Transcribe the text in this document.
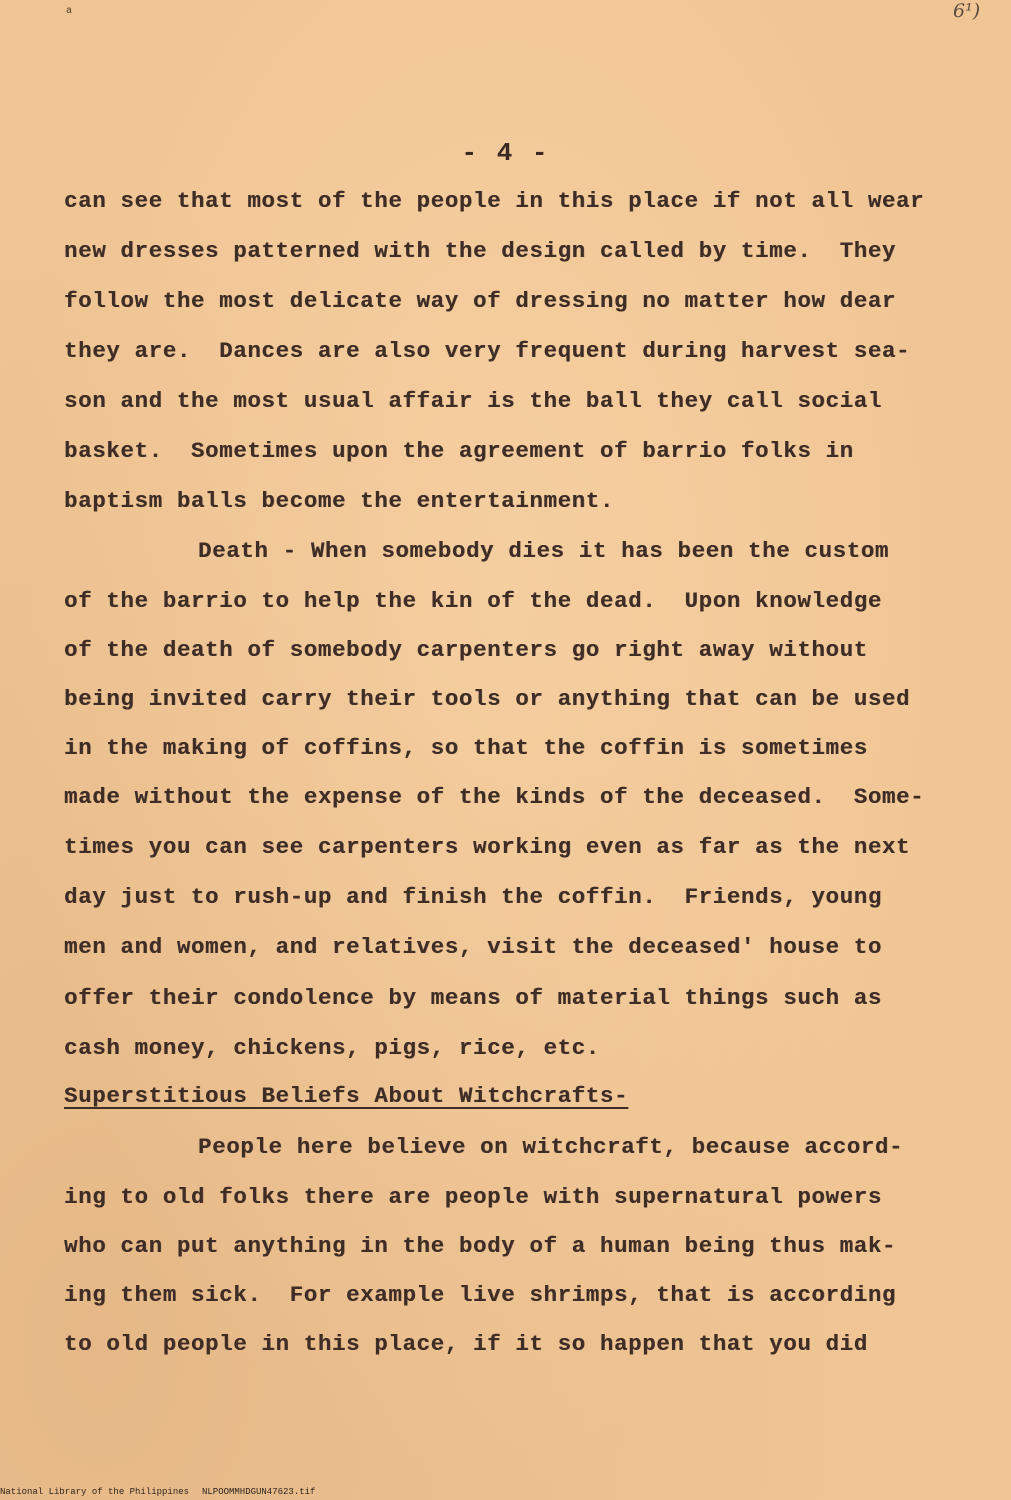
a	6¹)
- 4 -
can see that most of the people in this place if not all wear
new dresses patterned with the design called by time.  They
follow the most delicate way of dressing no matter how dear
they are.  Dances are also very frequent during harvest sea-
son and the most usual affair is the ball they call social
basket.  Sometimes upon the agreement of barrio folks in
baptism balls become the entertainment.
Death - When somebody dies it has been the custom
of the barrio to help the kin of the dead.  Upon knowledge
of the death of somebody carpenters go right away without
being invited carry their tools or anything that can be used
in the making of coffins, so that the coffin is sometimes
made without the expense of the kinds of the deceased.  Some-
times you can see carpenters working even as far as the next
day just to rush-up and finish the coffin.  Friends, young
men and women, and relatives, visit the deceased' house to
offer their condolence by means of material things such as
cash money, chickens, pigs, rice, etc.
Superstitious Beliefs About Witchcrafts-
People here believe on witchcraft, because accord-
ing to old folks there are people with supernatural powers
who can put anything in the body of a human being thus mak-
ing them sick.  For example live shrimps, that is according
to old people in this place, if it so happen that you did
National Library of the Philippines NLPOOMMHDGUN47623.tif
